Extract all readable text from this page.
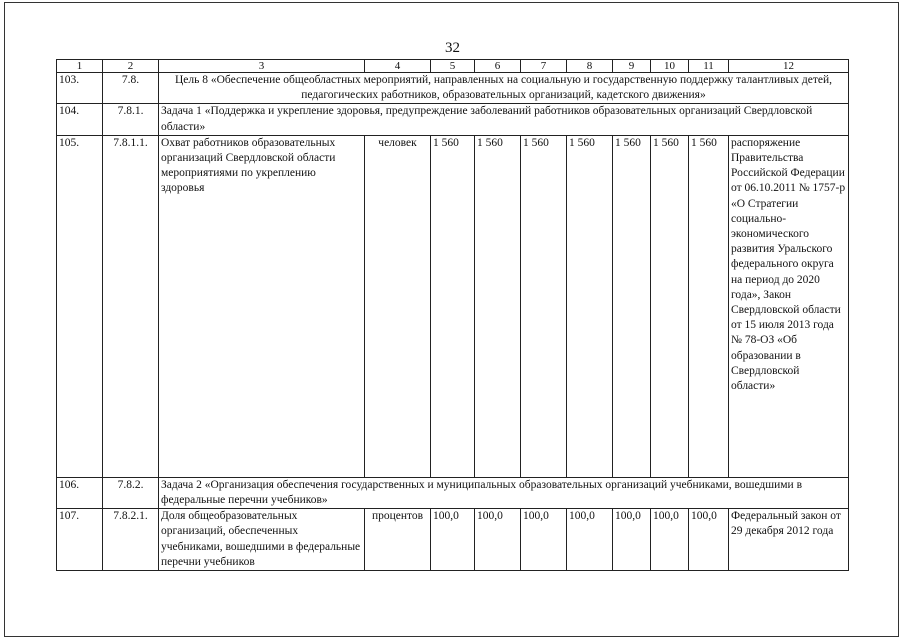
32
1	2	3	4	5	6	7	8	9	10	11	12
103.	7.8.	Цель 8 «Обеспечение общеобластных мероприятий, направленных на социальную и государственную поддержку талантливых детей, педагогических работников, образовательных организаций, кадетского движения»									
104.	7.8.1.	Задача 1 «Поддержка и укрепление здоровья, предупреждение заболеваний работников образовательных организаций Свердловской области»									
105.	7.8.1.1.	Охват работников образовательных организаций Свердловской области мероприятиями по укреплению здоровья	человек	1 560	1 560	1 560	1 560	1 560	1 560	1 560	распоряжение Правительства Российской Федерации от 06.10.2011 № 1757-р «О Стратегии социально-экономического развития Уральского федерального округа на период до 2020 года», Закон Свердловской области от 15 июля 2013 года № 78-ОЗ «Об образовании в Свердловской области»
106.	7.8.2.	Задача 2 «Организация обеспечения государственных и муниципальных образовательных организаций учебниками, вошедшими в федеральные перечни учебников»									
107.	7.8.2.1.	Доля общеобразовательных организаций, обеспеченных учебниками, вошедшими в федеральные перечни учебников	процентов	100,0	100,0	100,0	100,0	100,0	100,0	100,0	Федеральный закон от 29 декабря 2012 года
